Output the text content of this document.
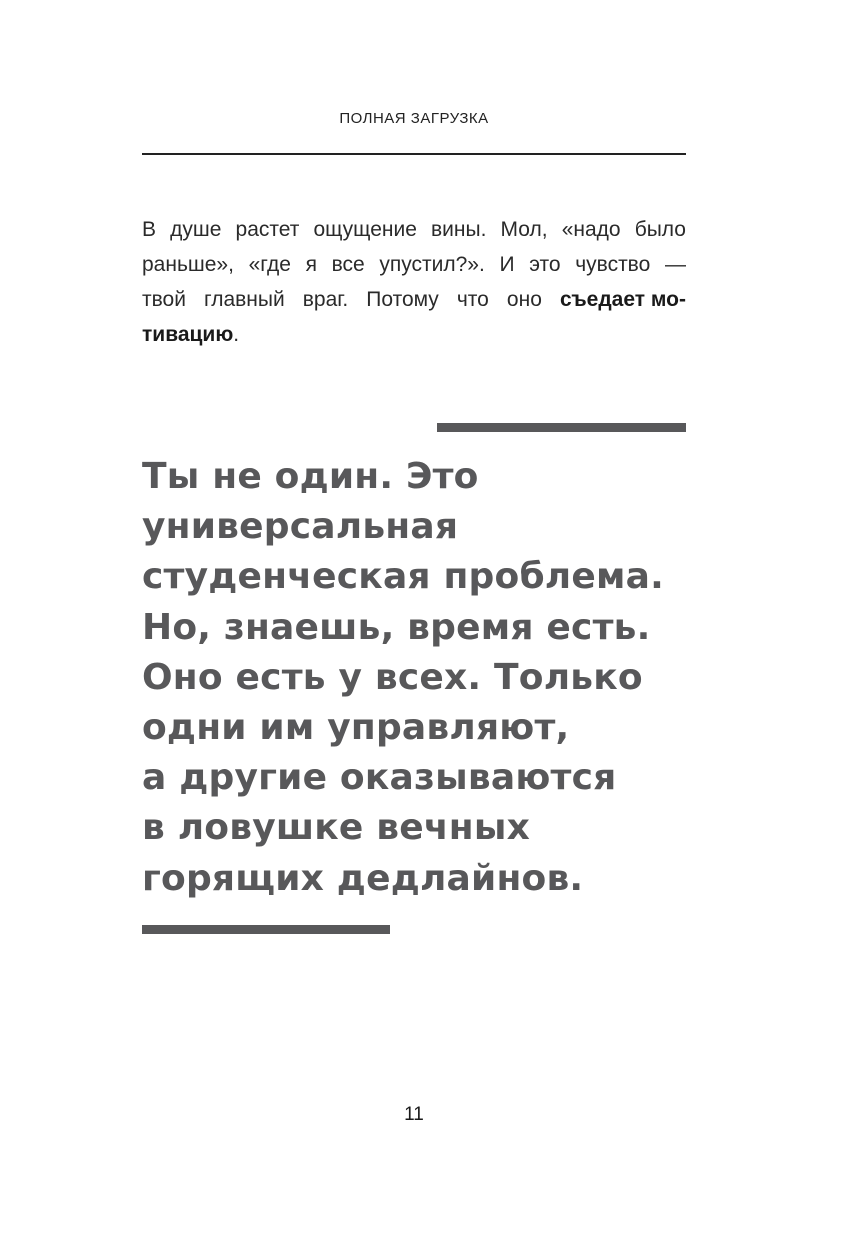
ПОЛНАЯ ЗАГРУЗКА
В душе растет ощущение вины. Мол, «надо было
раньше», «где я все упустил?». И это чувство —
твой главный враг. Потому что оно съедает мо-
тивацию .
Ты не один. Это
универсальная
студенческая проблема.
Но, знаешь, время есть.
Оно есть у всех. Только
одни им управляют,
а другие оказываются
в ловушке вечных
горящих дедлайнов.
11
